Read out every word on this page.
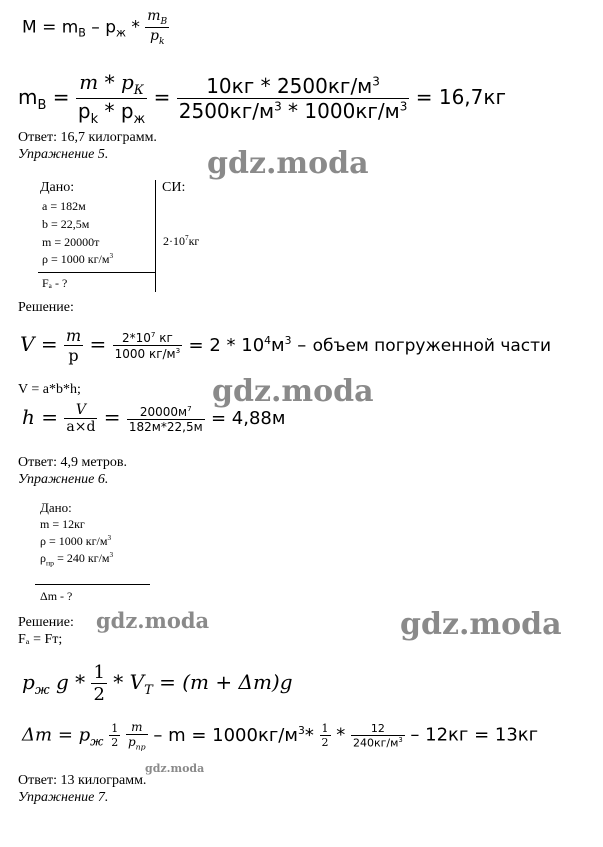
$M = m_В - p_ж * \frac{m_B}{p_k}$
$m_В = \frac{m * p_К}{p_k * p_ж} = \frac{10кг * 2500кг/м^3}{2500кг/м^3 * 1000кг/м^3} = 16,7кг$
Ответ: 16,7 килограмм.
Упражнение 5.
Дано:	СИ:
a = 182м
b = 22,5м
m = 20000т	$2\cdot 10^7кг$
ρ = 1000 $кг/м^3$
Fₐ - ?
Решение:
$V = \frac{m}{p} = \frac{2*10^7 кг}{1000 кг/м^3} = 2 * 10^4м^3$ – объем погруженной части
V = a*b*h;
$h = \frac{V}{a\times d} = \frac{20000м^7}{182м*22,5м} = 4,88м$
Ответ: 4,9 метров.
Упражнение 6.
Дано:
m = 12кг
ρ = 1000 $кг/м^3$
$\rho_{пр} = 240$ $кг/м^3$
Δm - ?
Решение:
Fₐ = Fт;
$p_ж$ $g * \frac{1}{2} * V_T = (m + \Delta m)g$
$\Delta m = p_ж \frac{1}{2}$
$\frac{m}{p_{пр}} - m = 1000кг/м^3* \frac{1}{2} * \frac{12}{240кг/м^3} - 12кг = 13кг$
Ответ: 13 килограмм.
Упражнение 7.
gdz.moda
gdz.moda
gdz.moda	gdz.moda
gdz.moda
